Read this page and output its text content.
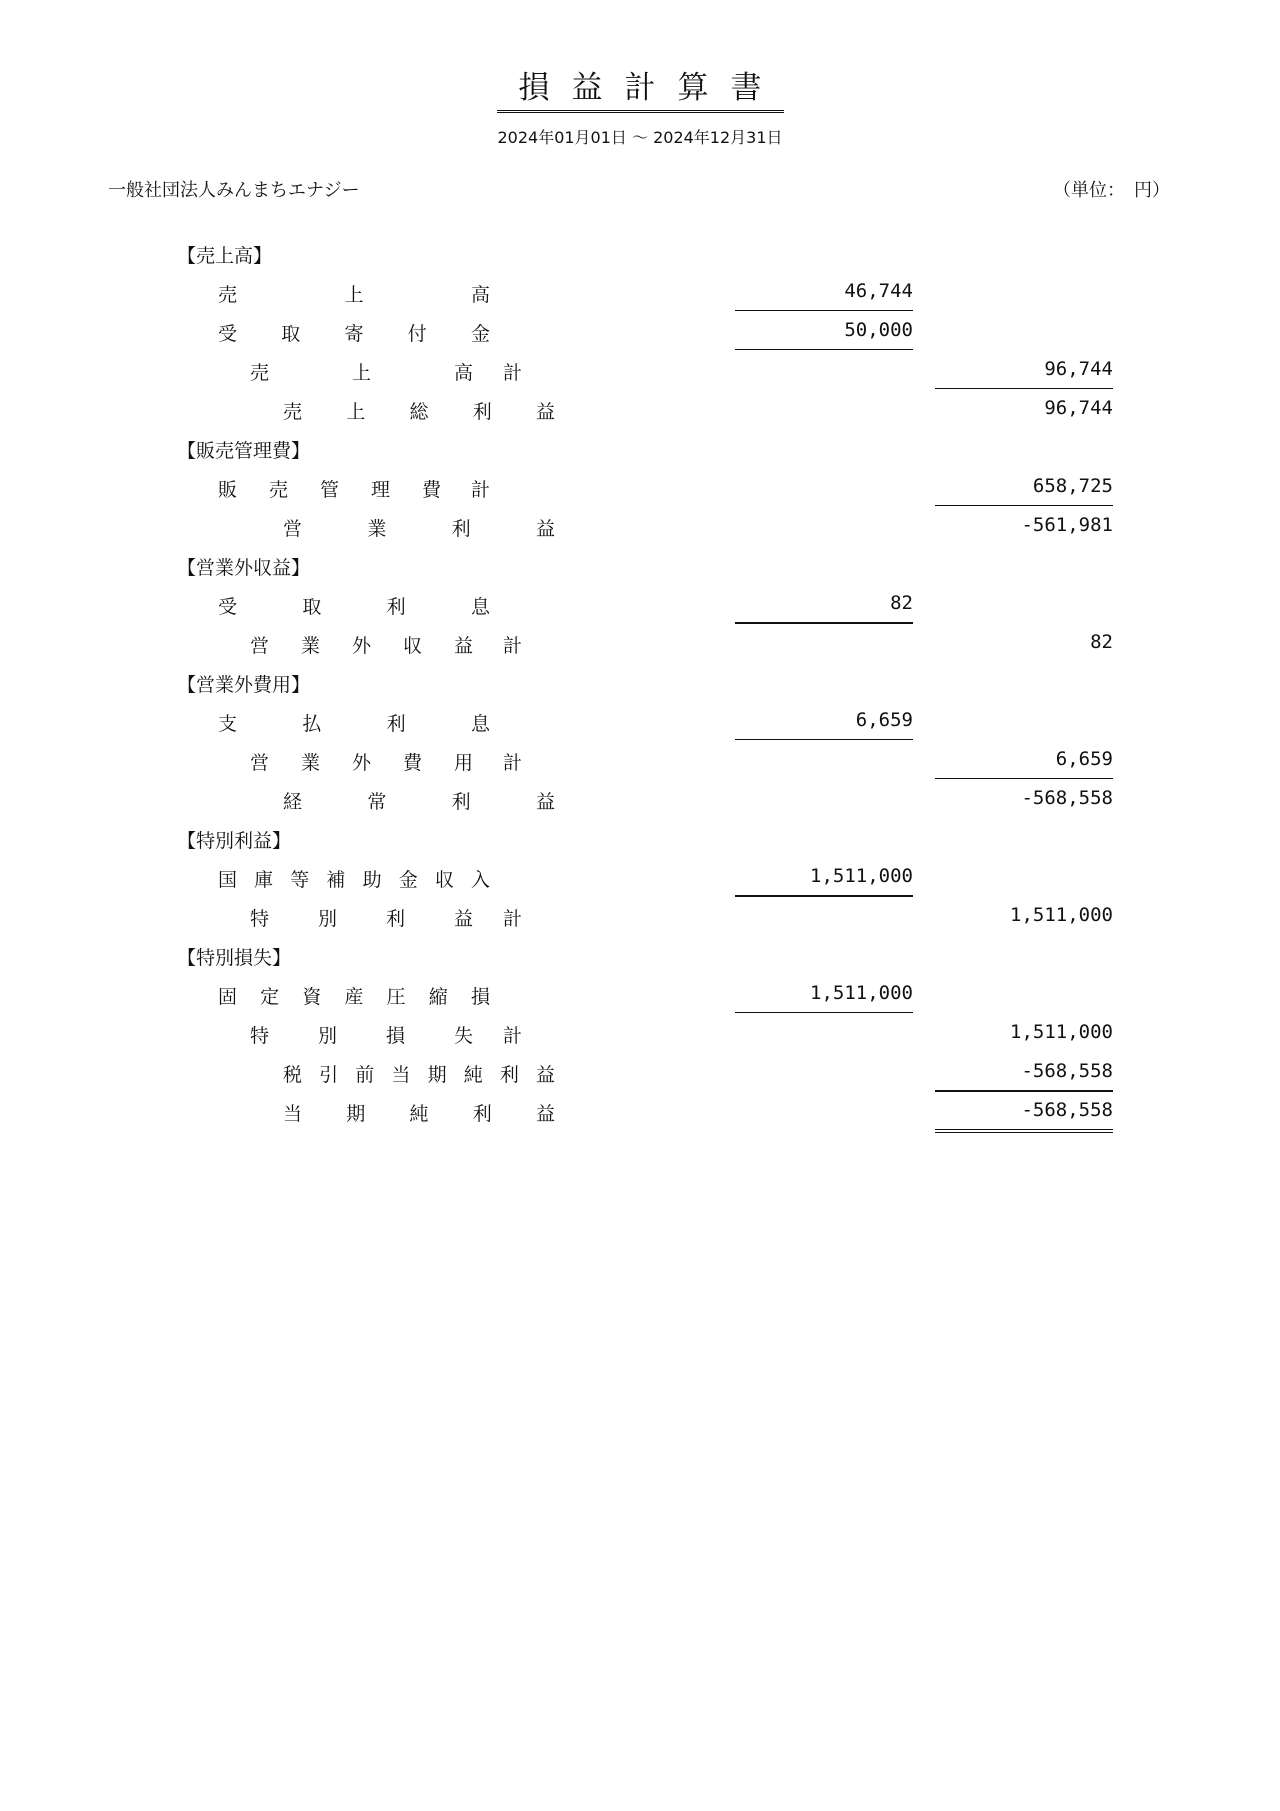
損益計算書
2024年01月01日 ～ 2024年12月31日
一般社団法人みんまちエナジー	（単位：　円）
【売上高】
売	上	高	46,744
受 取 寄 付 金	50,000
売	上	高 計	96,744
売 上 総 利 益	96,744
【販売管理費】
販 売 管 理 費 計	658,725
営	業	利	益	-561,981
【営業外収益】
受	取	利	息	82
営 業 外 収 益 計	82
【営業外費用】
支	払	利	息	6,659
営 業 外 費 用 計	6,659
経	常	利	益	-568,558
【特別利益】
国 庫 等 補 助 金 収 入	1,511,000
特	別	利	益 計	1,511,000
【特別損失】
固 定 資 産 圧 縮 損	1,511,000
特	別	損	失 計	1,511,000
税 引 前 当 期 純 利 益	-568,558
当 期 純 利 益	-568,558
